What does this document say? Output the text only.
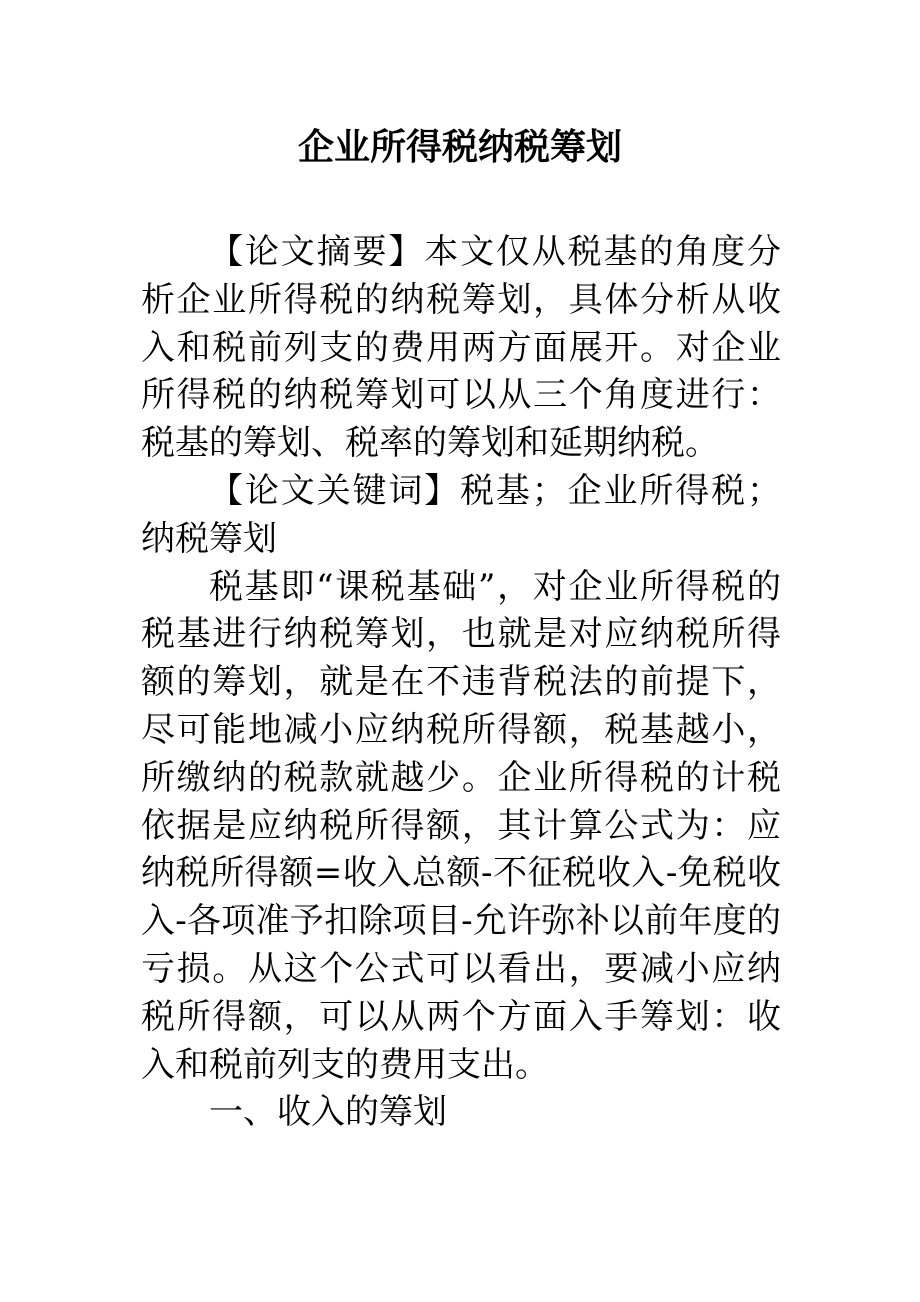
企业所得税纳税筹划

【论文摘要】本文仅从税基的角度分析企业所得税的纳税筹划，具体分析从收入和税前列支的费用两方面展开。对企业所得税的纳税筹划可以从三个角度进行：税基的筹划、税率的筹划和延期纳税。

【论文关键词】税基；企业所得税；纳税筹划

税基即“课税基础”，对企业所得税的税基进行纳税筹划，也就是对应纳税所得额的筹划，就是在不违背税法的前提下，尽可能地减小应纳税所得额，税基越小，所缴纳的税款就越少。企业所得税的计税依据是应纳税所得额，其计算公式为：应纳税所得额=收入总额-不征税收入-免税收入-各项准予扣除项目-允许弥补以前年度的亏损。从这个公式可以看出，要减小应纳税所得额，可以从两个方面入手筹划：收入和税前列支的费用支出。

一、收入的筹划
